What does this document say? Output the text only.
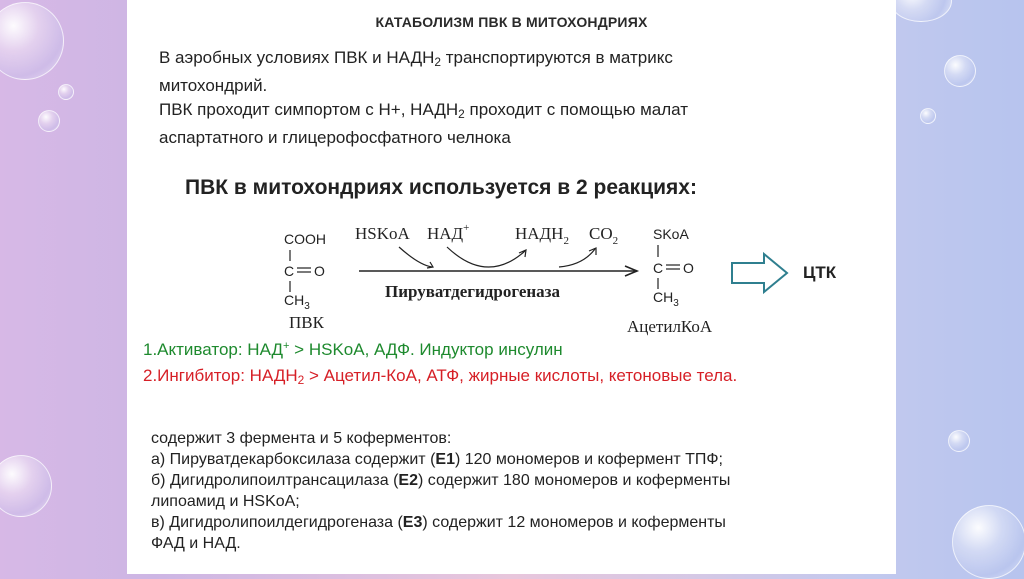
КАТАБОЛИЗМ ПВК В МИТОХОНДРИЯХ
В аэробных условиях ПВК и $НАДН_2$ транспортируются в матрикс
митохондрий.
ПВК проходит симпортом с Н+, $НАДН_2$ проходит с помощью малат
аспартатного и глицерофосфатного челнока
ПВК в митохондриях используется в 2 реакциях:
COOH
C O
$CH_3$
ПВК
HSKoA НАД+	$НАДН_2$ $CO_2$
Пируватдегидрогеназа
SKoA
C O
$CH_3$
АцетилКоА
ЦТК
1.Активатор: НАД+ > HSKoA, АДФ. Индуктор инсулин
2.Ингибитор: $НАДН_2$ > Ацетил-КоА, АТФ, жирные кислоты, кетоновые тела.
содержит 3 фермента и 5 коферментов:
а) Пируватдекарбоксилаза содержит (Е1) 120 мономеров и кофермент ТПФ;
б) Дигидролипоилтрансацилаза (Е2) содержит 180 мономеров и коферменты
липоамид и HSKoA;
в) Дигидролипоилдегидрогеназа (Е3) содержит 12 мономеров и коферменты
ФАД и НАД.
